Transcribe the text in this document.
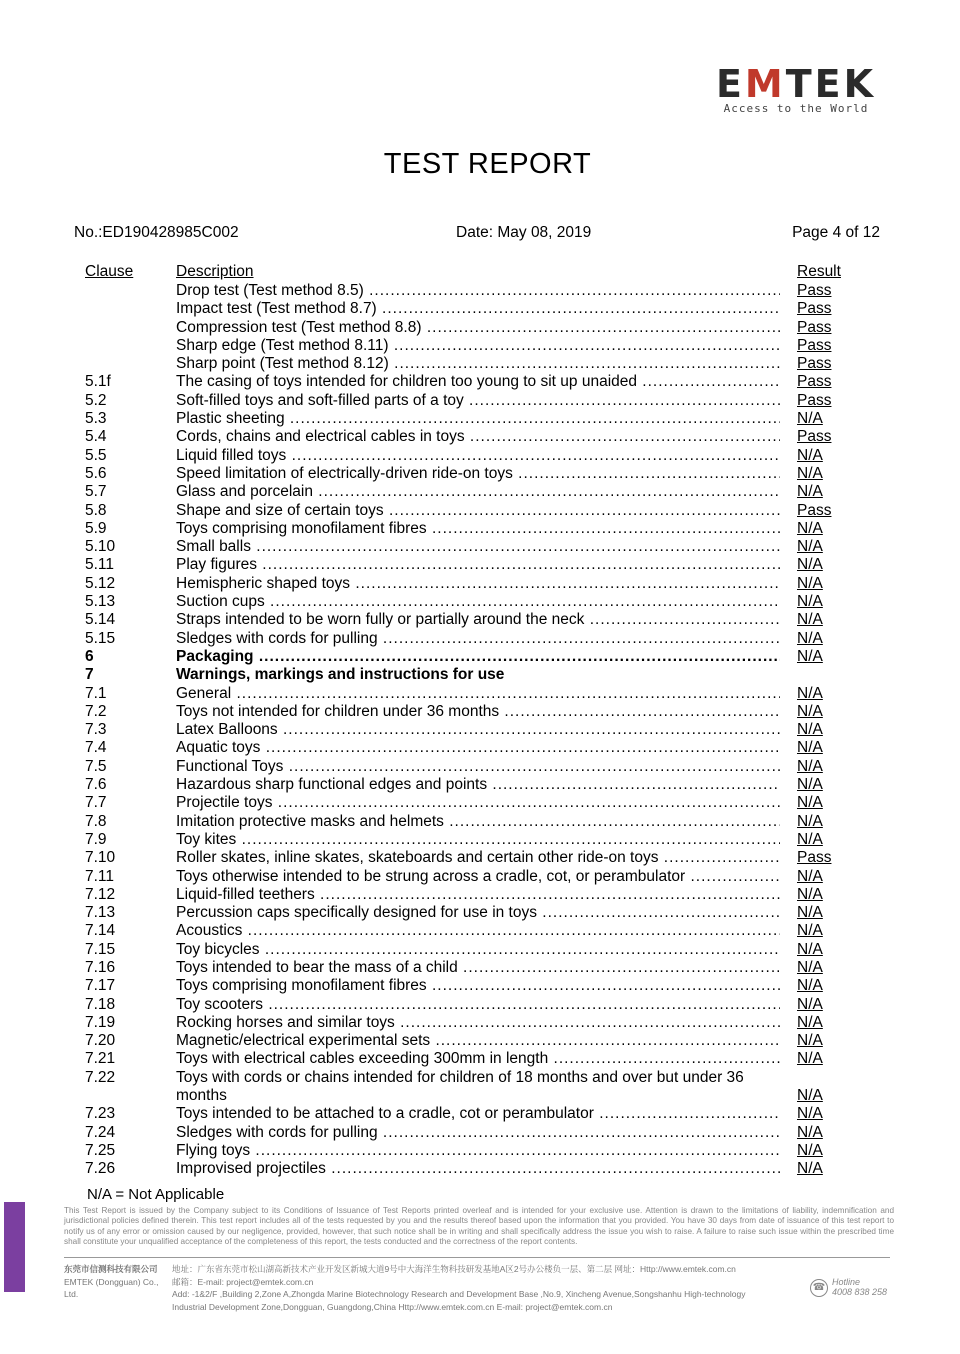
EMTEK
Access to the World
TEST REPORT
No.:ED190428985C002	Date: May 08, 2019	Page 4 of 12
Clause	Description	Result
Drop test (Test method 8.5) .....	Pass
Impact test (Test method 8.7) .....	Pass
Compression test (Test method 8.8) .....	Pass
Sharp edge (Test method 8.11) .....	Pass
Sharp point (Test method 8.12) .....	Pass
5.1f	The casing of toys intended for children too young to sit up unaided .....	Pass
5.2	Soft-filled toys and soft-filled parts of a toy .....	Pass
5.3	Plastic sheeting .....	N/A
5.4	Cords, chains and electrical cables in toys .....	Pass
5.5	Liquid filled toys .....	N/A
5.6	Speed limitation of electrically-driven ride-on toys .....	N/A
5.7	Glass and porcelain .....	N/A
5.8	Shape and size of certain toys .....	Pass
5.9	Toys comprising monofilament fibres .....	N/A
5.10	Small balls .....	N/A
5.11	Play figures .....	N/A
5.12	Hemispheric shaped toys .....	N/A
5.13	Suction cups .....	N/A
5.14	Straps intended to be worn fully or partially around the neck .....	N/A
5.15	Sledges with cords for pulling .....	N/A
6	Packaging .....	N/A
7	Warnings, markings and instructions for use
7.1	General .....	N/A
7.2	Toys not intended for children under 36 months .....	N/A
7.3	Latex Balloons .....	N/A
7.4	Aquatic toys .....	N/A
7.5	Functional Toys .....	N/A
7.6	Hazardous sharp functional edges and points .....	N/A
7.7	Projectile toys .....	N/A
7.8	Imitation protective masks and helmets .....	N/A
7.9	Toy kites .....	N/A
7.10	Roller skates, inline skates, skateboards and certain other ride-on toys .....	Pass
7.11	Toys otherwise intended to be strung across a cradle, cot, or perambulator .....	N/A
7.12	Liquid-filled teethers .....	N/A
7.13	Percussion caps specifically designed for use in toys .....	N/A
7.14	Acoustics .....	N/A
7.15	Toy bicycles .....	N/A
7.16	Toys intended to bear the mass of a child .....	N/A
7.17	Toys comprising monofilament fibres .....	N/A
7.18	Toy scooters .....	N/A
7.19	Rocking horses and similar toys .....	N/A
7.20	Magnetic/electrical experimental sets .....	N/A
7.21	Toys with electrical cables exceeding 300mm in length .....	N/A
7.22	Toys with cords or chains intended for children of 18 months and over but under 36 months .....	N/A
7.23	Toys intended to be attached to a cradle, cot or perambulator .....	N/A
7.24	Sledges with cords for pulling .....	N/A
7.25	Flying toys .....	N/A
7.26	Improvised projectiles .....	N/A
N/A = Not Applicable
This Test Report is issued by the Company subject to its Conditions of Issuance of Test Reports printed overleaf and is intended for your exclusive use. Attention is drawn to the limitations of liability, indemnification and jurisdictional policies defined therein. This test report includes all of the tests requested by you and the results thereof based upon the information that you provided. You have 30 days from date of issuance of this test report to notify us of any error or omission caused by our negligence, provided, however, that such notice shall be in writing and shall specifically address the issue you wish to raise. A failure to raise such issue within the prescribed time shall constitute your unqualified acceptance of the completeness of this report, the tests conducted and the correctness of the report contents.
东莞市信测科技有限公司
EMTEK (Dongguan) Co., Ltd.
地址：广东省东莞市松山湖高新技术产业开发区新城大道9号中大海洋生物科技研发基地A区2号办公楼负一层、第二层 网址：Http://www.emtek.com.cn
邮箱：E-mail: project@emtek.com.cn
Add: -1&2/F ,Building 2,Zone A,Zhongda Marine Biotechnology Research and Development Base ,No.9, Xincheng Avenue,Songshanhu High-technology
Industrial Development Zone,Dongguan, Guangdong,China Http://www.emtek.com.cn E-mail: project@emtek.com.cn
☎ Hotline
4008 838 258
